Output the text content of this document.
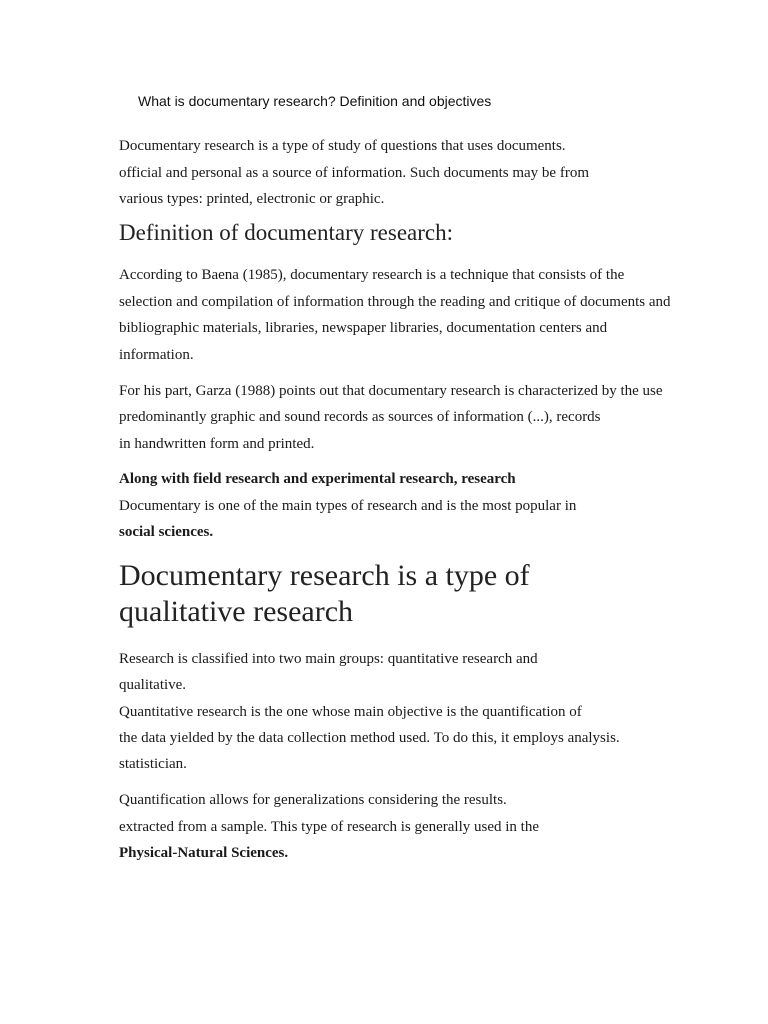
What is documentary research? Definition and objectives
Documentary research is a type of study of questions that uses documents.
official and personal as a source of information. Such documents may be from
various types: printed, electronic or graphic.
Definition of documentary research:
According to Baena (1985), documentary research is a technique that consists of the
selection and compilation of information through the reading and critique of documents and
bibliographic materials, libraries, newspaper libraries, documentation centers and
information.
For his part, Garza (1988) points out that documentary research is characterized by the use
predominantly graphic and sound records as sources of information (...), records
in handwritten form and printed.
Along with field research and experimental research, research
Documentary is one of the main types of research and is the most popular in
social sciences.
Documentary research is a type of
qualitative research
Research is classified into two main groups: quantitative research and
qualitative.
Quantitative research is the one whose main objective is the quantification of
the data yielded by the data collection method used. To do this, it employs analysis.
statistician.
Quantification allows for generalizations considering the results.
extracted from a sample. This type of research is generally used in the
Physical-Natural Sciences.
